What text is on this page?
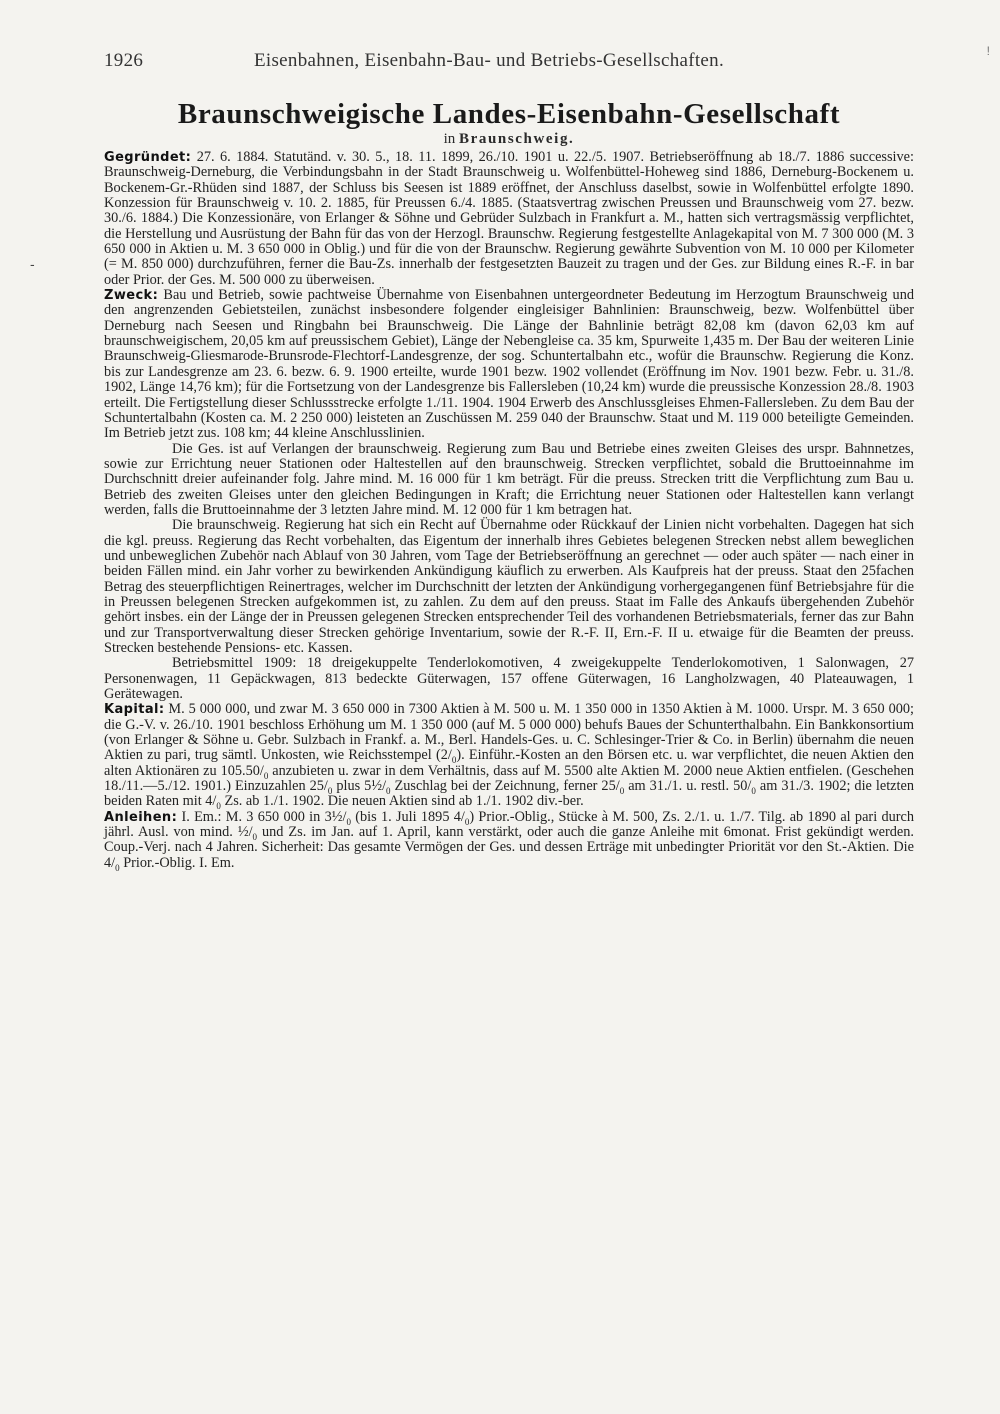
!
-
1926	Eisenbahnen, Eisenbahn-Bau- und Betriebs-Gesellschaften.
Braunschweigische Landes-Eisenbahn-Gesellschaft
in Braunschweig.

Gegründet: 27. 6. 1884. Statutänd. v. 30. 5., 18. 11. 1899, 26./10. 1901 u. 22./5. 1907. Betriebseröffnung ab 18./7. 1886 successive: Braunschweig-Derneburg, die Verbindungsbahn in der Stadt Braunschweig u. Wolfenbüttel-Hoheweg sind 1886, Derneburg-Bockenem u. Bockenem-Gr.-Rhüden sind 1887, der Schluss bis Seesen ist 1889 eröffnet, der Anschluss daselbst, sowie in Wolfenbüttel erfolgte 1890. Konzession für Braunschweig v. 10. 2. 1885, für Preussen 6./4. 1885. (Staatsvertrag zwischen Preussen und Braunschweig vom 27. bezw. 30./6. 1884.) Die Konzessionäre, von Erlanger & Söhne und Gebrüder Sulzbach in Frankfurt a. M., hatten sich vertragsmässig verpflichtet, die Herstellung und Ausrüstung der Bahn für das von der Herzogl. Braunschw. Regierung festgestellte Anlagekapital von M. 7 300 000 (M. 3 650 000 in Aktien u. M. 3 650 000 in Oblig.) und für die von der Braunschw. Regierung gewährte Subvention von M. 10 000 per Kilometer (= M. 850 000) durchzuführen, ferner die Bau-Zs. innerhalb der festgesetzten Bauzeit zu tragen und der Ges. zur Bildung eines R.-F. in bar oder Prior. der Ges. M. 500 000 zu überweisen.

Zweck: Bau und Betrieb, sowie pachtweise Übernahme von Eisenbahnen untergeordneter Bedeutung im Herzogtum Braunschweig und den angrenzenden Gebietsteilen, zunächst insbesondere folgender eingleisiger Bahnlinien: Braunschweig, bezw. Wolfenbüttel über Derneburg nach Seesen und Ringbahn bei Braunschweig. Die Länge der Bahnlinie beträgt 82,08 km (davon 62,03 km auf braunschweigischem, 20,05 km auf preussischem Gebiet), Länge der Nebengleise ca. 35 km, Spurweite 1,435 m. Der Bau der weiteren Linie Braunschweig-Gliesmarode-Brunsrode-Flechtorf-Landesgrenze, der sog. Schuntertalbahn etc., wofür die Braunschw. Regierung die Konz. bis zur Landesgrenze am 23. 6. bezw. 6. 9. 1900 erteilte, wurde 1901 bezw. 1902 vollendet (Eröffnung im Nov. 1901 bezw. Febr. u. 31./8. 1902, Länge 14,76 km); für die Fortsetzung von der Landesgrenze bis Fallersleben (10,24 km) wurde die preussische Konzession 28./8. 1903 erteilt. Die Fertigstellung dieser Schlussstrecke erfolgte 1./11. 1904. 1904 Erwerb des Anschlussgleises Ehmen-Fallersleben. Zu dem Bau der Schuntertalbahn (Kosten ca. M. 2 250 000) leisteten an Zuschüssen M. 259 040 der Braunschw. Staat und M. 119 000 beteiligte Gemeinden. Im Betrieb jetzt zus. 108 km; 44 kleine Anschlusslinien.

Die Ges. ist auf Verlangen der braunschweig. Regierung zum Bau und Betriebe eines zweiten Gleises des urspr. Bahnnetzes, sowie zur Errichtung neuer Stationen oder Haltestellen auf den braunschweig. Strecken verpflichtet, sobald die Bruttoeinnahme im Durchschnitt dreier aufeinander folg. Jahre mind. M. 16 000 für 1 km beträgt. Für die preuss. Strecken tritt die Verpflichtung zum Bau u. Betrieb des zweiten Gleises unter den gleichen Bedingungen in Kraft; die Errichtung neuer Stationen oder Haltestellen kann verlangt werden, falls die Bruttoeinnahme der 3 letzten Jahre mind. M. 12 000 für 1 km betragen hat.

Die braunschweig. Regierung hat sich ein Recht auf Übernahme oder Rückkauf der Linien nicht vorbehalten. Dagegen hat sich die kgl. preuss. Regierung das Recht vorbehalten, das Eigentum der innerhalb ihres Gebietes belegenen Strecken nebst allem beweglichen und unbeweglichen Zubehör nach Ablauf von 30 Jahren, vom Tage der Betriebseröffnung an gerechnet — oder auch später — nach einer in beiden Fällen mind. ein Jahr vorher zu bewirkenden Ankündigung käuflich zu erwerben. Als Kaufpreis hat der preuss. Staat den 25fachen Betrag des steuerpflichtigen Reinertrages, welcher im Durchschnitt der letzten der Ankündigung vorhergegangenen fünf Betriebsjahre für die in Preussen belegenen Strecken aufgekommen ist, zu zahlen. Zu dem auf den preuss. Staat im Falle des Ankaufs übergehenden Zubehör gehört insbes. ein der Länge der in Preussen gelegenen Strecken entsprechender Teil des vorhandenen Betriebsmaterials, ferner das zur Bahn und zur Transportverwaltung dieser Strecken gehörige Inventarium, sowie der R.-F. II, Ern.-F. II u. etwaige für die Beamten der preuss. Strecken bestehende Pensions- etc. Kassen.

Betriebsmittel 1909: 18 dreigekuppelte Tenderlokomotiven, 4 zweigekuppelte Tenderlokomotiven, 1 Salonwagen, 27 Personenwagen, 11 Gepäckwagen, 813 bedeckte Güterwagen, 157 offene Güterwagen, 16 Langholzwagen, 40 Plateauwagen, 1 Gerätewagen.

Kapital: M. 5 000 000, und zwar M. 3 650 000 in 7300 Aktien à M. 500 u. M. 1 350 000 in 1350 Aktien à M. 1000. Urspr. M. 3 650 000; die G.-V. v. 26./10. 1901 beschloss Erhöhung um M. 1 350 000 (auf M. 5 000 000) behufs Baues der Schunterthalbahn. Ein Bankkonsortium (von Erlanger & Söhne u. Gebr. Sulzbach in Frankf. a. M., Berl. Handels-Ges. u. C. Schlesinger-Trier & Co. in Berlin) übernahm die neuen Aktien zu pari, trug sämtl. Unkosten, wie Reichsstempel $(2/_0)$. Einführ.-Kosten an den Börsen etc. u. war verpflichtet, die neuen Aktien den alten Aktionären zu $105.50/_0$ anzubieten u. zwar in dem Verhältnis, dass auf M. 5500 alte Aktien M. 2000 neue Aktien entfielen. (Geschehen 18./11.—5./12. 1901.) Einzuzahlen $25/_0$ plus $5\frac{1}{2}/_0$ Zuschlag bei der Zeichnung, ferner $25/_0$ am 31./1. u. restl. $50/_0$ am 31./3. 1902; die letzten beiden Raten mit $4/_0$ Zs. ab 1./1. 1902. Die neuen Aktien sind ab 1./1. 1902 div.-ber.

Anleihen: I. Em.: M. 3 650 000 in $3\frac{1}{2}/_0$ (bis 1. Juli 1895 $4/_0$) Prior.-Oblig., Stücke à M. 500, Zs. 2./1. u. 1./7. Tilg. ab 1890 al pari durch jährl. Ausl. von mind. $\frac{1}{2}/_0$ und Zs. im Jan. auf 1. April, kann verstärkt, oder auch die ganze Anleihe mit 6monat. Frist gekündigt werden. Coup.-Verj. nach 4 Jahren. Sicherheit: Das gesamte Vermögen der Ges. und dessen Erträge mit unbedingter Priorität vor den St.-Aktien. Die $4/_0$ Prior.-Oblig. I. Em.
